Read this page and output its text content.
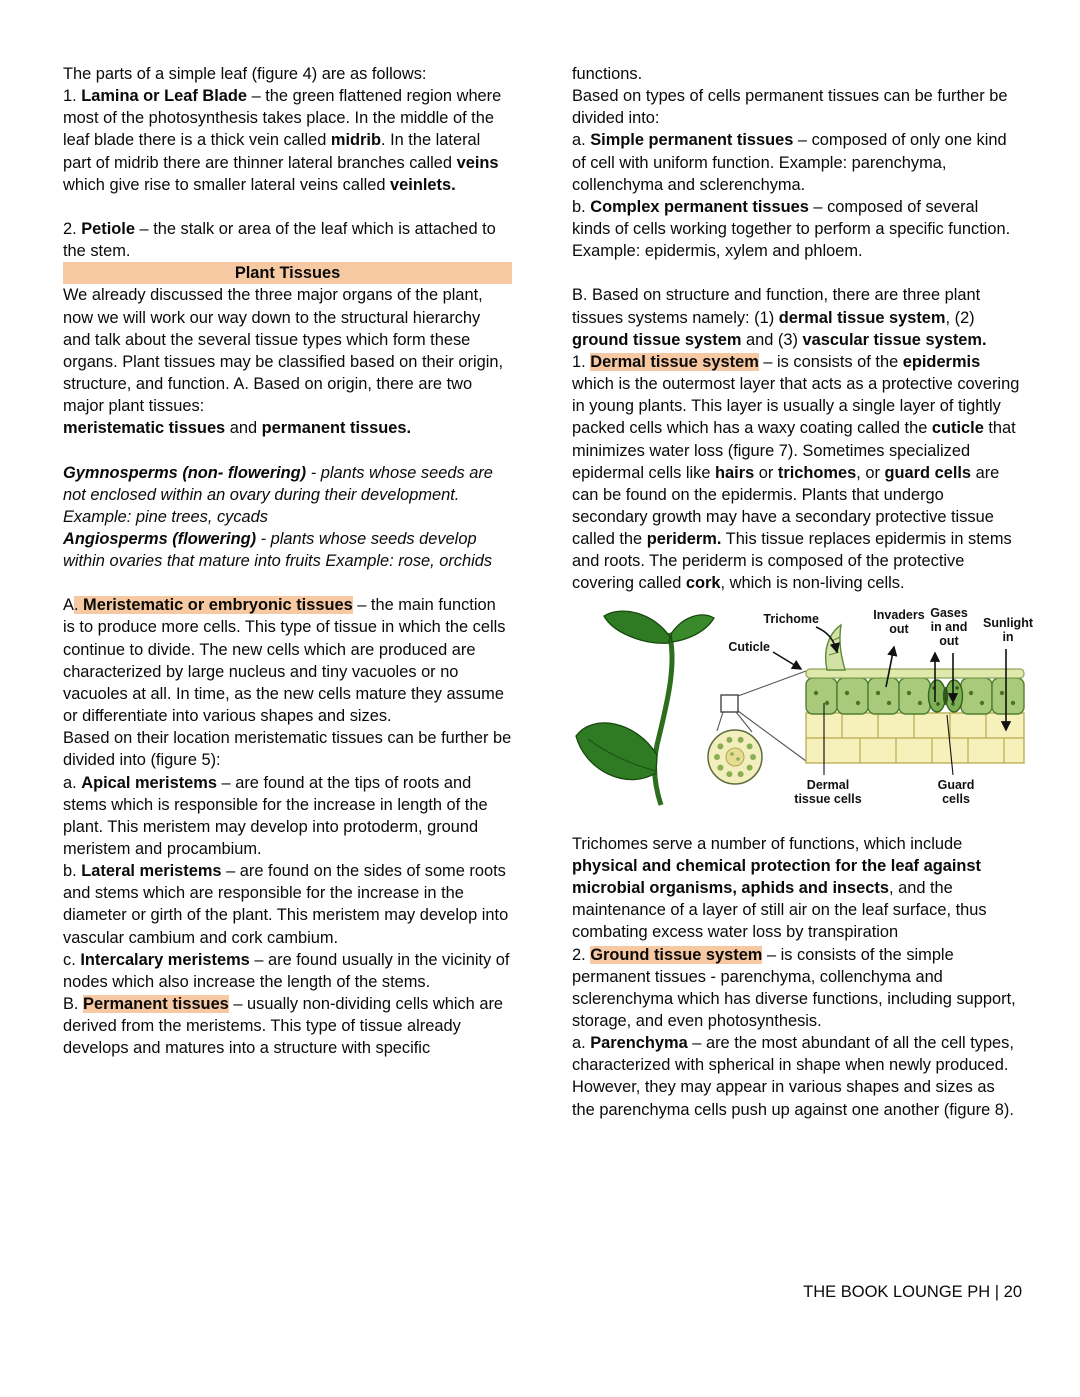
The parts of a simple leaf (figure 4) are as follows:

1. Lamina or Leaf Blade – the green flattened region where most of the photosynthesis takes place. In the middle of the leaf blade there is a thick vein called midrib. In the lateral part of midrib there are thinner lateral branches called veins which give rise to smaller lateral veins called veinlets.

2. Petiole – the stalk or area of the leaf which is attached to the stem.

Plant Tissues

We already discussed the three major organs of the plant, now we will work our way down to the structural hierarchy and talk about the several tissue types which form these organs. Plant tissues may be classified based on their origin, structure, and function. A. Based on origin, there are two major plant tissues:

meristematic tissues and permanent tissues.

Gymnosperms (non- flowering) - plants whose seeds are not enclosed within an ovary during their development. Example: pine trees, cycads

Angiosperms (flowering) - plants whose seeds develop within ovaries that mature into fruits Example: rose, orchids

A. Meristematic or embryonic tissues – the main function is to produce more cells. This type of tissue in which the cells continue to divide. The new cells which are produced are characterized by large nucleus and tiny vacuoles or no vacuoles at all. In time, as the new cells mature they assume or differentiate into various shapes and sizes.

Based on their location meristematic tissues can be further be divided into (figure 5):

a. Apical meristems – are found at the tips of roots and stems which is responsible for the increase in length of the plant. This meristem may develop into protoderm, ground meristem and procambium.

b. Lateral meristems – are found on the sides of some roots and stems which are responsible for the increase in the diameter or girth of the plant. This meristem may develop into vascular cambium and cork cambium.

c. Intercalary meristems – are found usually in the vicinity of nodes which also increase the length of the stems.

B. Permanent tissues – usually non-dividing cells which are

derived from the meristems. This type of tissue already

develops and matures into a structure with specific

functions.

Based on types of cells permanent tissues can be further be divided into:

a. Simple permanent tissues – composed of only one kind of cell with uniform function. Example: parenchyma, collenchyma and sclerenchyma.

b. Complex permanent tissues – composed of several kinds of cells working together to perform a specific function. Example: epidermis, xylem and phloem.

B. Based on structure and function, there are three plant tissues systems namely: (1) dermal tissue system, (2) ground tissue system and (3) vascular tissue system.

1. Dermal tissue system – is consists of the epidermis which is the outermost layer that acts as a protective covering in young plants. This layer is usually a single layer of tightly packed cells which has a waxy coating called the cuticle that minimizes water loss (figure 7). Sometimes specialized epidermal cells like hairs or trichomes, or guard cells are can be found on the epidermis. Plants that undergo secondary growth may have a secondary protective tissue called the periderm. This tissue replaces epidermis in stems and roots. The periderm is composed of the protective covering called cork, which is non-living cells.

Trichome
Cuticle
Invaders
out
Gases
in and
out
Sunlight
in
Dermal
tissue cells
Guard
cells

Trichomes serve a number of functions, which include physical and chemical protection for the leaf against microbial organisms, aphids and insects, and the maintenance of a layer of still air on the leaf surface, thus combating excess water loss by transpiration

2. Ground tissue system – is consists of the simple permanent tissues - parenchyma, collenchyma and sclerenchyma which has diverse functions, including support, storage, and even photosynthesis.

a. Parenchyma – are the most abundant of all the cell types, characterized with spherical in shape when newly produced. However, they may appear in various shapes and sizes as the parenchyma cells push up against one another (figure 8).

THE BOOK LOUNGE PH | 20
